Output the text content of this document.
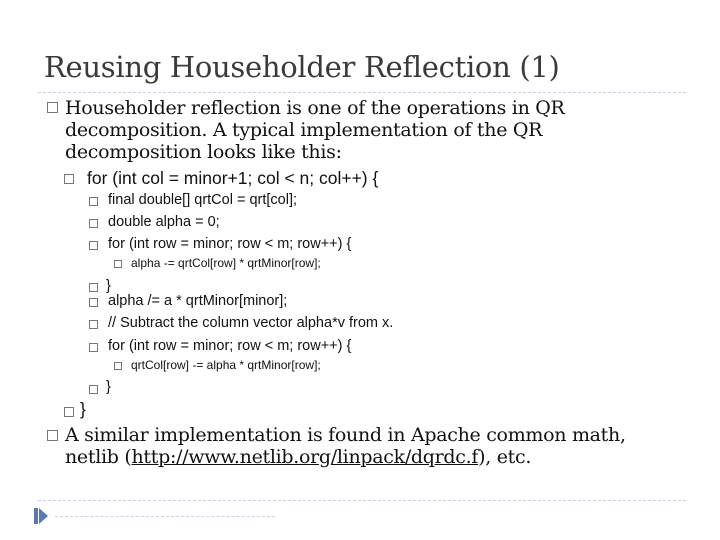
Reusing Householder Reflection (1)
Householder reflection is one of the operations in QR
decomposition. A typical implementation of the QR
decomposition looks like this:
for (int col = minor+1; col < n; col++) {
final double[] qrtCol = qrt[col];
double alpha = 0;
for (int row = minor; row < m; row++) {
alpha -= qrtCol[row] * qrtMinor[row];
}
alpha /= a * qrtMinor[minor];
// Subtract the column vector alpha*v from x.
for (int row = minor; row < m; row++) {
qrtCol[row] -= alpha * qrtMinor[row];
}
}
A similar implementation is found in Apache common math,
netlib (http://www.netlib.org/linpack/dqrdc.f), etc.
